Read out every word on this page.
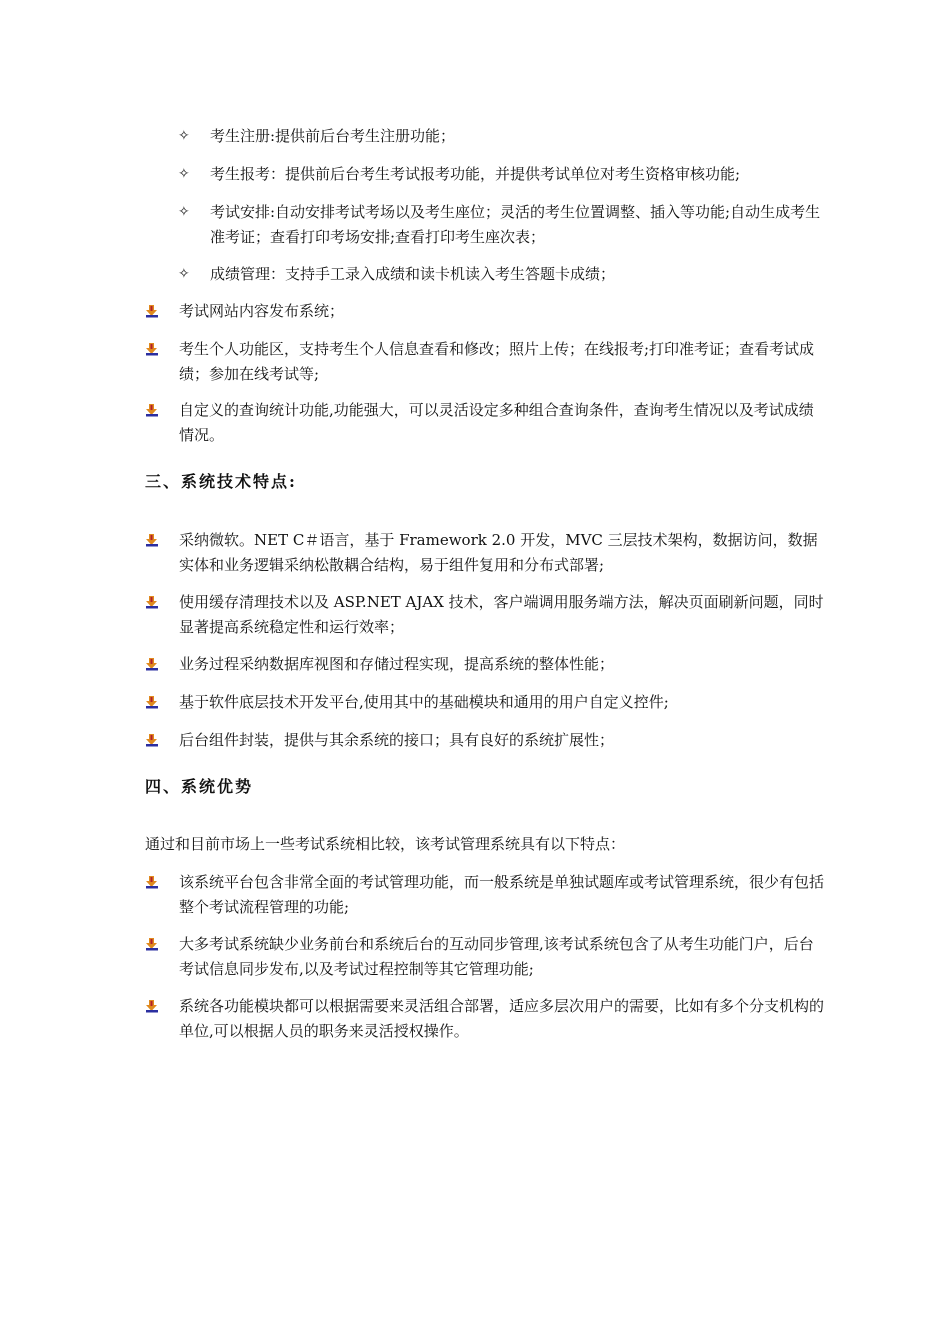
✧	考生注册:提供前后台考生注册功能；
✧	考生报考：提供前后台考生考试报考功能，并提供考试单位对考生资格审核功能;
✧	考试安排:自动安排考试考场以及考生座位；灵活的考生位置调整、插入等功能;自动生成考生准考证；查看打印考场安排;查看打印考生座次表；
✧	成绩管理：支持手工录入成绩和读卡机读入考生答题卡成绩；
考试网站内容发布系统；
考生个人功能区，支持考生个人信息查看和修改；照片上传；在线报考;打印准考证；查看考试成绩；参加在线考试等;
自定义的查询统计功能,功能强大，可以灵活设定多种组合查询条件，查询考生情况以及考试成绩情况。
三、系统技术特点:
采纳微软。NET C＃语言，基于 Framework 2.0 开发，MVC 三层技术架构，数据访问，数据实体和业务逻辑采纳松散耦合结构，易于组件复用和分布式部署;
使用缓存清理技术以及 ASP.NET AJAX 技术，客户端调用服务端方法，解决页面刷新问题，同时显著提高系统稳定性和运行效率；
业务过程采纳数据库视图和存储过程实现，提高系统的整体性能；
基于软件底层技术开发平台,使用其中的基础模块和通用的用户自定义控件;
后台组件封装，提供与其余系统的接口；具有良好的系统扩展性；
四、系统优势
通过和目前市场上一些考试系统相比较，该考试管理系统具有以下特点：
该系统平台包含非常全面的考试管理功能，而一般系统是单独试题库或考试管理系统，很少有包括整个考试流程管理的功能;
大多考试系统缺少业务前台和系统后台的互动同步管理,该考试系统包含了从考生功能门户，后台考试信息同步发布,以及考试过程控制等其它管理功能;
系统各功能模块都可以根据需要来灵活组合部署，适应多层次用户的需要，比如有多个分支机构的单位,可以根据人员的职务来灵活授权操作。
